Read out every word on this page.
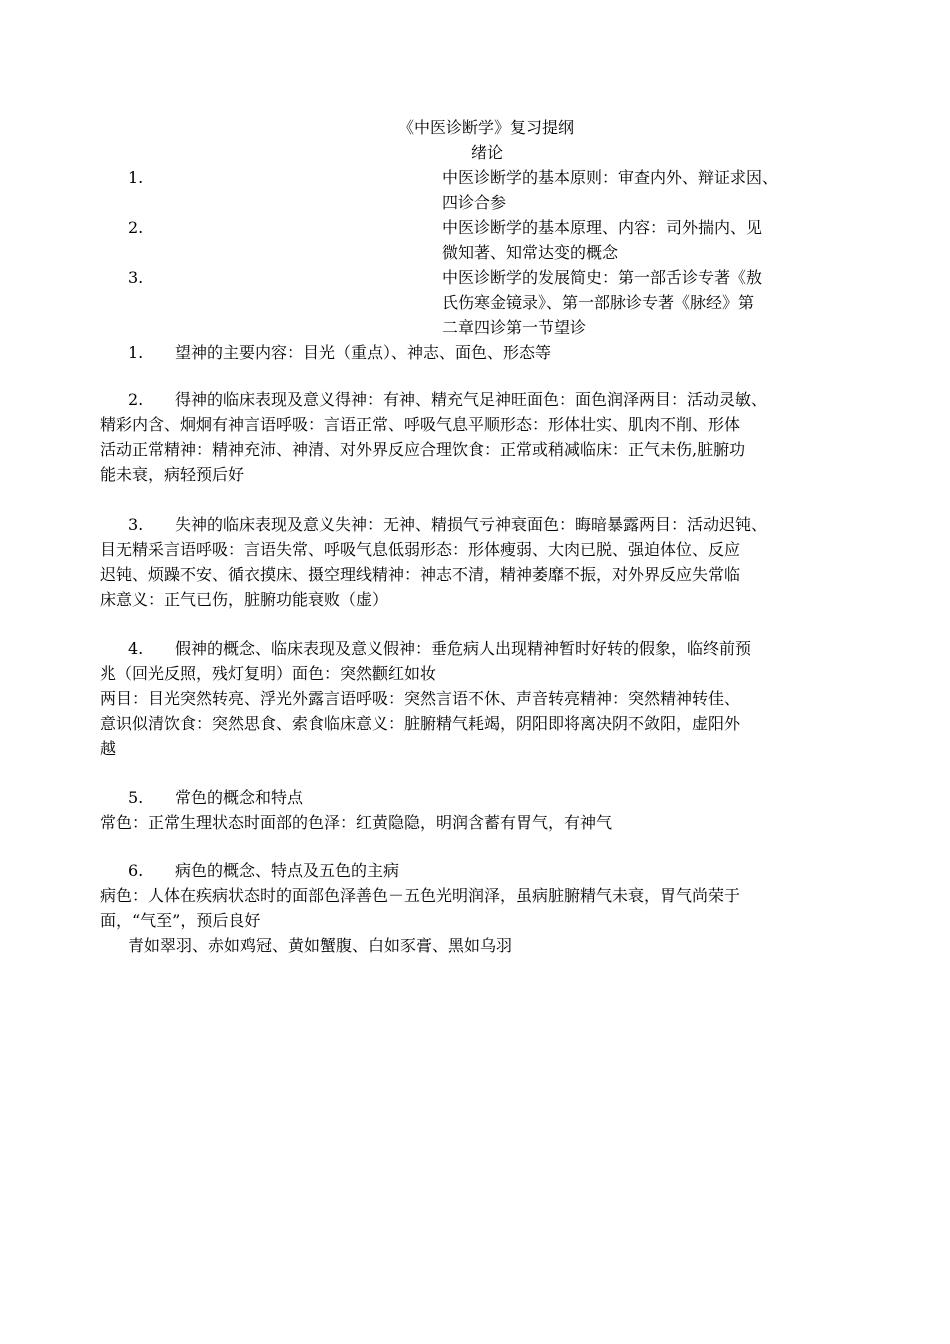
《中医诊断学》复习提纲
绪论
1.	中医诊断学的基本原则：审查内外、辩证求因、
四诊合参
2.	中医诊断学的基本原理、内容：司外揣内、见
微知著、知常达变的概念
3.	中医诊断学的发展简史：第一部舌诊专著《敖
氏伤寒金镜录》、第一部脉诊专著《脉经》第
二章四诊第一节望诊
1. 望神的主要内容：目光（重点）、神志、面色、形态等
2. 得神的临床表现及意义得神：有神、精充气足神旺面色：面色润泽两目：活动灵敏、
精彩内含、炯炯有神言语呼吸：言语正常、呼吸气息平顺形态：形体壮实、肌肉不削、形体
活动正常精神：精神充沛、神清、对外界反应合理饮食：正常或稍减临床：正气未伤,脏腑功
能未衰，病轻预后好
3. 失神的临床表现及意义失神：无神、精损气亏神衰面色：晦暗暴露两目：活动迟钝、
目无精采言语呼吸：言语失常、呼吸气息低弱形态：形体瘦弱、大肉已脱、强迫体位、反应
迟钝、烦躁不安、循衣摸床、摄空理线精神：神志不清，精神萎靡不振，对外界反应失常临
床意义：正气已伤，脏腑功能衰败（虚）
4. 假神的概念、临床表现及意义假神：垂危病人出现精神暂时好转的假象，临终前预
兆（回光反照，残灯复明）面色：突然颧红如妆
两目：目光突然转亮、浮光外露言语呼吸：突然言语不休、声音转亮精神：突然精神转佳、
意识似清饮食：突然思食、索食临床意义：脏腑精气耗竭，阴阳即将离决阴不敛阳，虚阳外
越
5. 常色的概念和特点
常色：正常生理状态时面部的色泽：红黄隐隐，明润含蓄有胃气，有神气
6. 病色的概念、特点及五色的主病
病色：人体在疾病状态时的面部色泽善色－五色光明润泽，虽病脏腑精气未衰，胃气尚荣于
面，“气至”，预后良好
青如翠羽、赤如鸡冠、黄如蟹腹、白如豕膏、黑如乌羽
